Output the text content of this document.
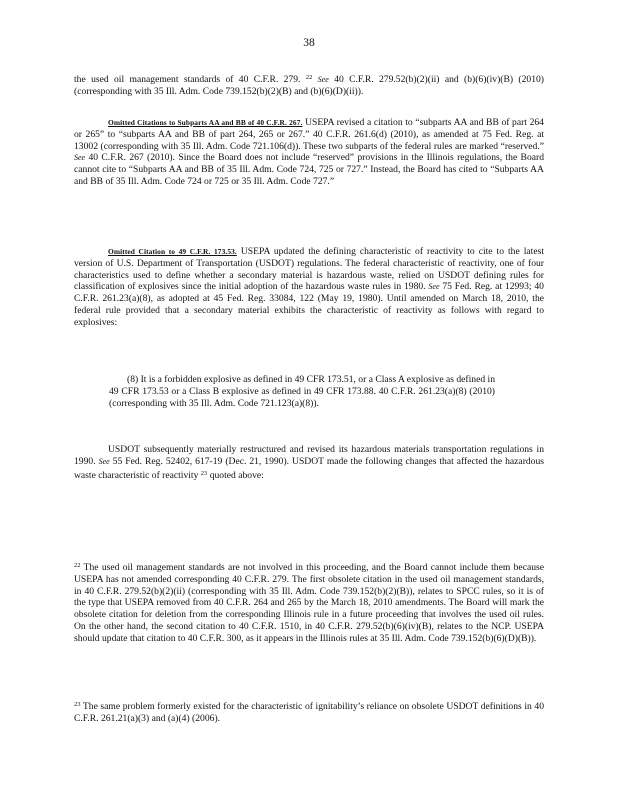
38
the used oil management standards of 40 C.F.R. 279. $^{22}$ See 40 C.F.R. 279.52(b)(2)(ii) and (b)(6)(iv)(B) (2010) (corresponding with 35 Ill. Adm. Code 739.152(b)(2)(B) and (b)(6)(D)(ii)).
Omitted Citations to Subparts AA and BB of 40 C.F.R. 267. USEPA revised a citation to “subparts AA and BB of part 264 or 265” to “subparts AA and BB of part 264, 265 or 267.” 40 C.F.R. 261.6(d) (2010), as amended at 75 Fed. Reg. at 13002 (corresponding with 35 Ill. Adm. Code 721.106(d)). These two subparts of the federal rules are marked “reserved.” See 40 C.F.R. 267 (2010). Since the Board does not include “reserved” provisions in the Illinois regulations, the Board cannot cite to “Subparts AA and BB of 35 Ill. Adm. Code 724, 725 or 727.” Instead, the Board has cited to “Subparts AA and BB of 35 Ill. Adm. Code 724 or 725 or 35 Ill. Adm. Code 727.”
Omitted Citation to 49 C.F.R. 173.53. USEPA updated the defining characteristic of reactivity to cite to the latest version of U.S. Department of Transportation (USDOT) regulations. The federal characteristic of reactivity, one of four characteristics used to define whether a secondary material is hazardous waste, relied on USDOT defining rules for classification of explosives since the initial adoption of the hazardous waste rules in 1980. See 75 Fed. Reg. at 12993; 40 C.F.R. 261.23(a)(8), as adopted at 45 Fed. Reg. 33084, 122 (May 19, 1980). Until amended on March 18, 2010, the federal rule provided that a secondary material exhibits the characteristic of reactivity as follows with regard to explosives:
(8) It is a forbidden explosive as defined in 49 CFR 173.51, or a Class A explosive as defined in 49 CFR 173.53 or a Class B explosive as defined in 49 CFR 173.88. 40 C.F.R. 261.23(a)(8) (2010) (corresponding with 35 Ill. Adm. Code 721.123(a)(8)).
USDOT subsequently materially restructured and revised its hazardous materials transportation regulations in 1990. See 55 Fed. Reg. 52402, 617-19 (Dec. 21, 1990). USDOT made the following changes that affected the hazardous waste characteristic of reactivity $^{23}$ quoted above:
$^{22}$ The used oil management standards are not involved in this proceeding, and the Board cannot include them because USEPA has not amended corresponding 40 C.F.R. 279. The first obsolete citation in the used oil management standards, in 40 C.F.R. 279.52(b)(2)(ii) (corresponding with 35 Ill. Adm. Code 739.152(b)(2)(B)), relates to SPCC rules, so it is of the type that USEPA removed from 40 C.F.R. 264 and 265 by the March 18, 2010 amendments. The Board will mark the obsolete citation for deletion from the corresponding Illinois rule in a future proceeding that involves the used oil rules. On the other hand, the second citation to 40 C.F.R. 1510, in 40 C.F.R. 279.52(b)(6)(iv)(B), relates to the NCP. USEPA should update that citation to 40 C.F.R. 300, as it appears in the Illinois rules at 35 Ill. Adm. Code 739.152(b)(6)(D)(B)).
$^{23}$ The same problem formerly existed for the characteristic of ignitability’s reliance on obsolete USDOT definitions in 40 C.F.R. 261.21(a)(3) and (a)(4) (2006).
